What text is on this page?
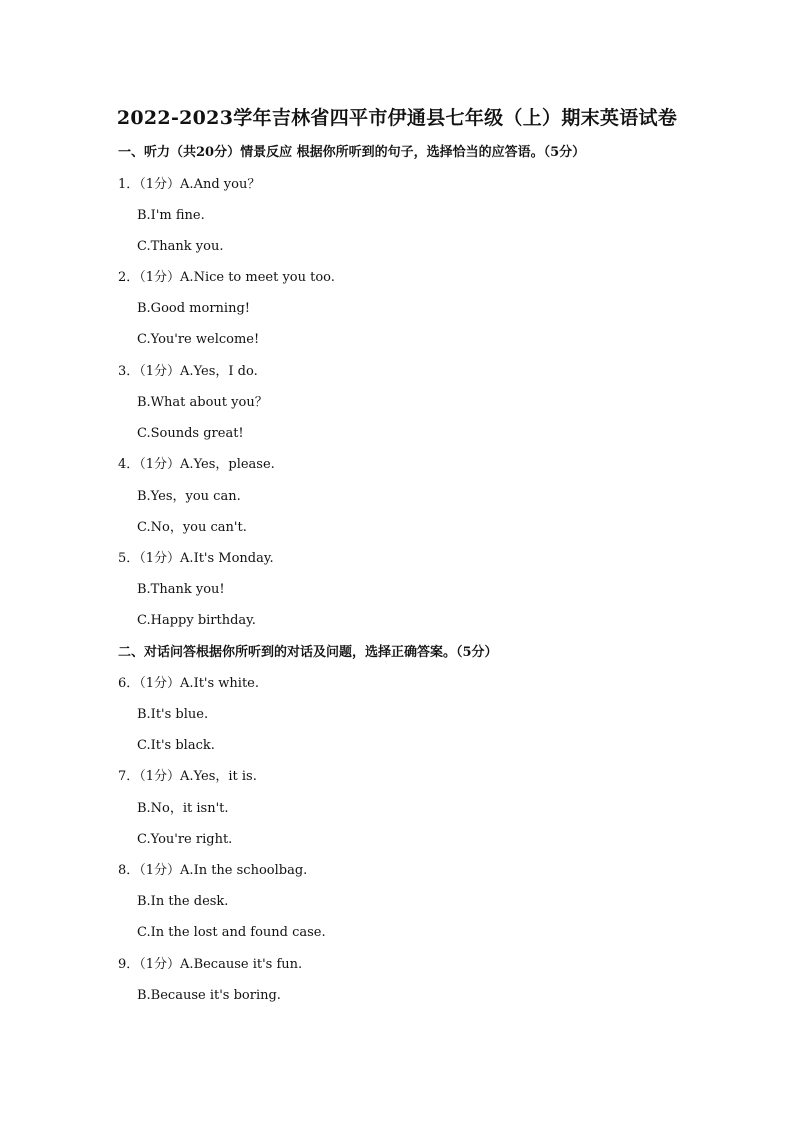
2022-2023学年吉林省四平市伊通县七年级（上）期末英语试卷
一、听力（共20分）情景反应 根据你所听到的句子，选择恰当的应答语。（5分）
1．（1分）A.And you？
B.I'm fine.
C.Thank you.
2．（1分）A.Nice to meet you too.
B.Good morning!
C.You're welcome!
3．（1分）A.Yes，I do.
B.What about you？
C.Sounds great!
4．（1分）A.Yes，please.
B.Yes，you can.
C.No，you can't.
5．（1分）A.It's Monday.
B.Thank you!
C.Happy birthday.
二、对话问答根据你所听到的对话及问题，选择正确答案。（5分）
6．（1分）A.It's white.
B.It's blue.
C.It's black.
7．（1分）A.Yes，it is.
B.No，it isn't.
C.You're right.
8．（1分）A.In the schoolbag.
B.In the desk.
C.In the lost and found case.
9．（1分）A.Because it's fun.
B.Because it's boring.
